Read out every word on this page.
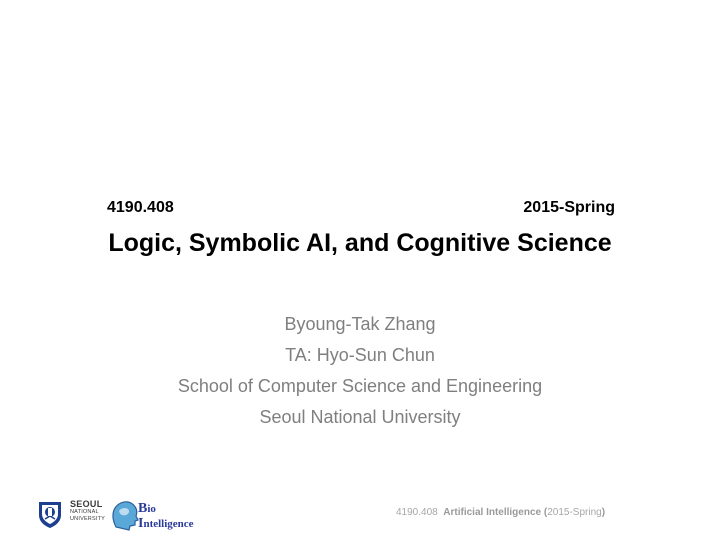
4190.408	2015-Spring
Logic, Symbolic AI, and Cognitive Science
Byoung-Tak Zhang
TA: Hyo-Sun Chun
School of Computer Science and Engineering
Seoul National University
SEOUL
NATIONAL
UNIVERSITY
Bio
Intelligence
4190.408 Artificial Intelligence (2015-Spring)
